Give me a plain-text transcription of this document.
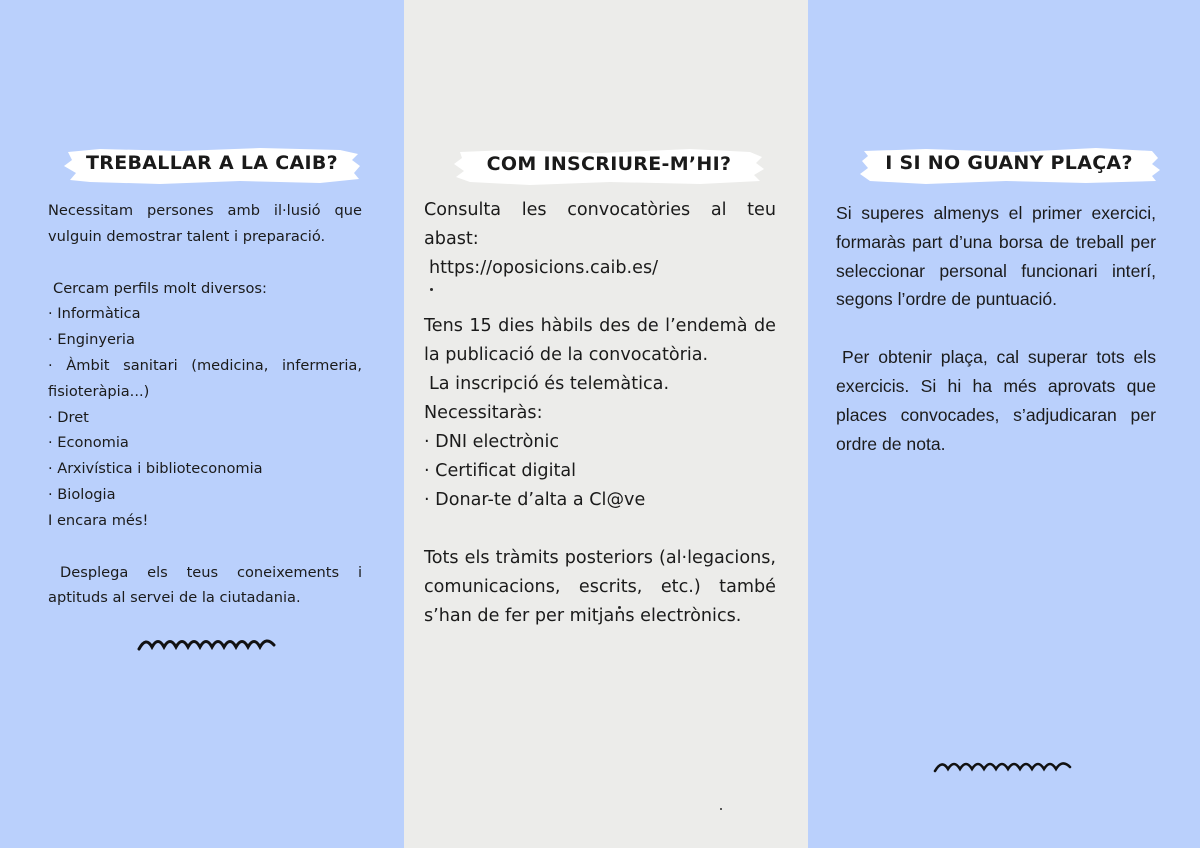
TREBALLAR A LA CAIB?

Necessitam persones amb il·lusió que vulguin demostrar talent i preparació.

Cercam perfils molt diversos:

· Informàtica

· Enginyeria

· Àmbit sanitari (medicina, infermeria, fisioteràpia...)

· Dret

· Economia

· Arxivística i biblioteconomia

· Biologia

I encara més!

Desplega els teus coneixements i aptituds al servei de la ciutadania.

COM INSCRIURE-M’HI?

Consulta les convocatòries al teu abast:

https://oposicions.caib.es/

Tens 15 dies hàbils des de l’endemà de la publicació de la convocatòria.

La inscripció és telemàtica.

Necessitaràs:

· DNI electrònic

· Certificat digital

· Donar-te d’alta a Cl@ve

Tots els tràmits posteriors (al·legacions, comunicacions, escrits, etc.) també s’han de fer per mitjans electrònics.

I SI NO GUANY PLAÇA?

Si superes almenys el primer exercici, formaràs part d’una borsa de treball per seleccionar personal funcionari interí, segons l’ordre de puntuació.

Per obtenir plaça, cal superar tots els exercicis. Si hi ha més aprovats que places convocades, s’adjudicaran per ordre de nota.
